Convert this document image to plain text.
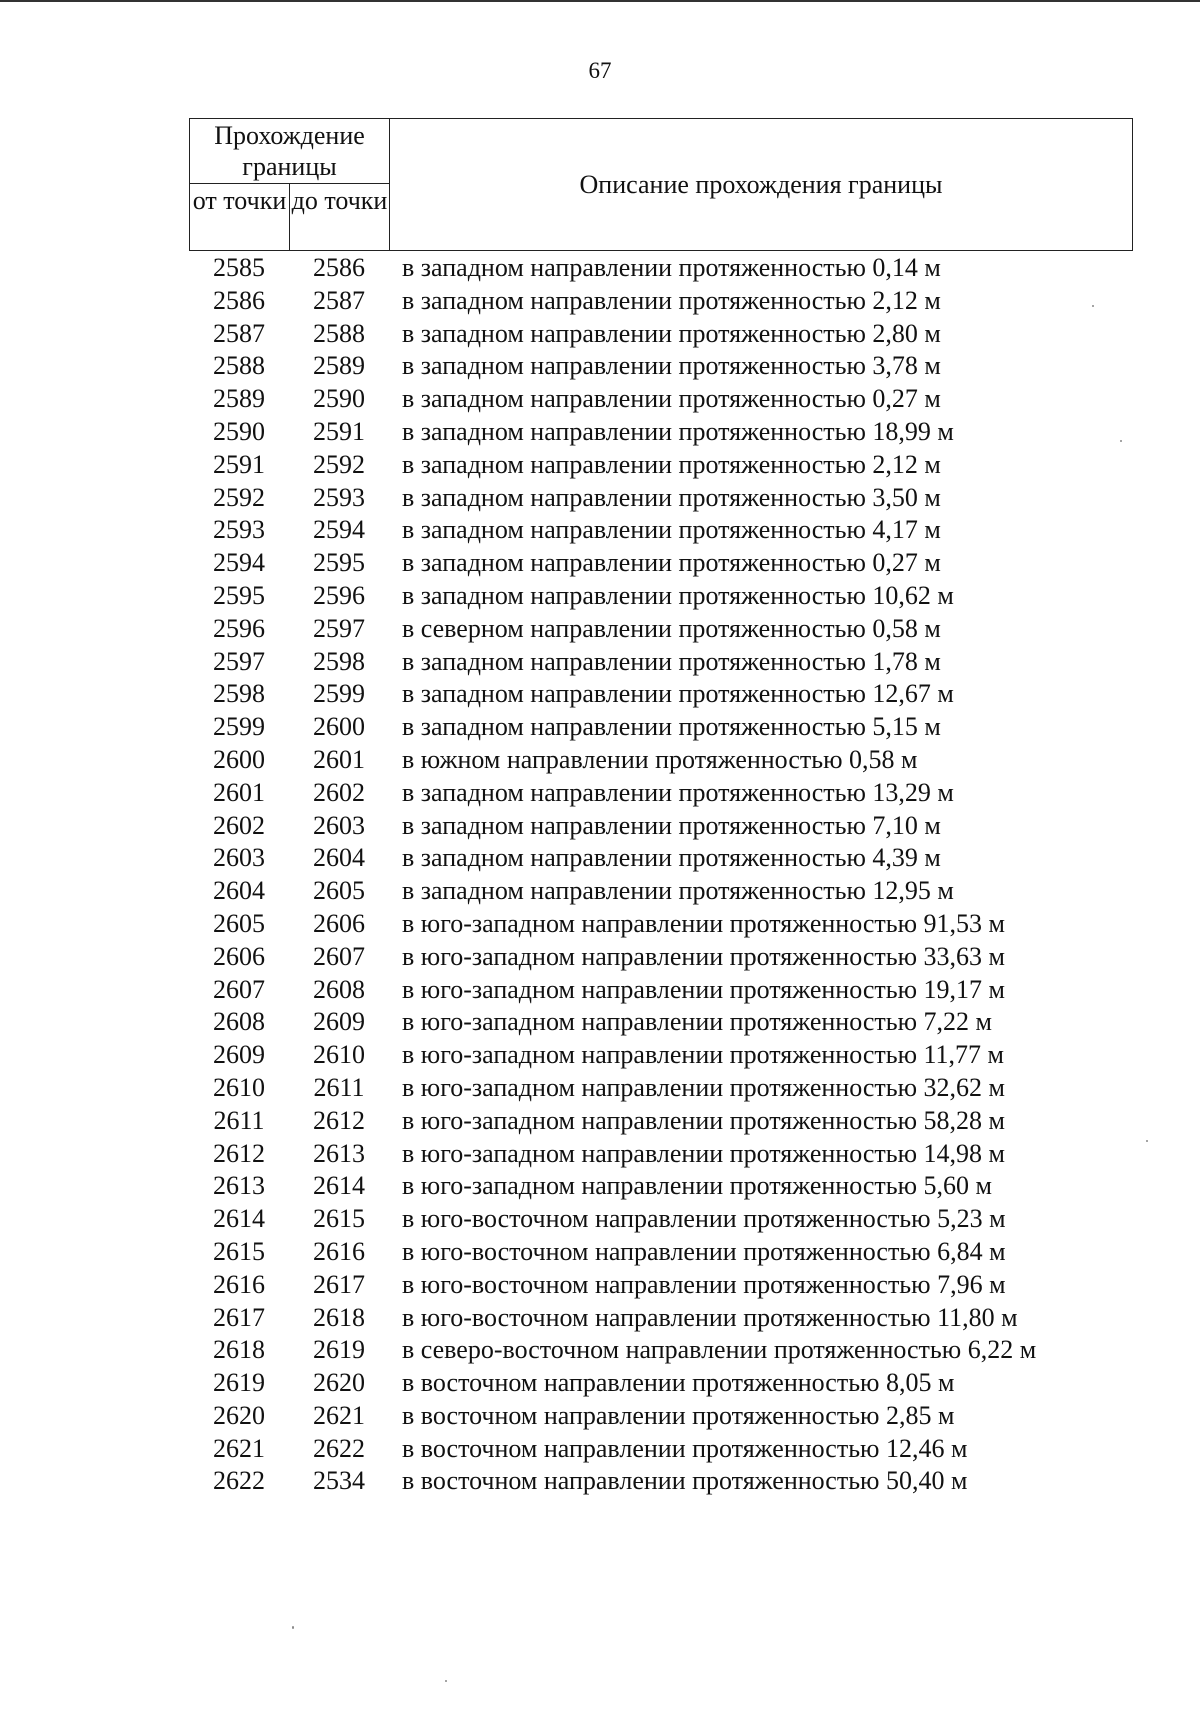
67
Прохождение границы
от точки до точки
Описание прохождения границы
2585	2586	в западном направлении протяженностью 0,14 м
2586	2587	в западном направлении протяженностью 2,12 м
2587	2588	в западном направлении протяженностью 2,80 м
2588	2589	в западном направлении протяженностью 3,78 м
2589	2590	в западном направлении протяженностью 0,27 м
2590	2591	в западном направлении протяженностью 18,99 м
2591	2592	в западном направлении протяженностью 2,12 м
2592	2593	в западном направлении протяженностью 3,50 м
2593	2594	в западном направлении протяженностью 4,17 м
2594	2595	в западном направлении протяженностью 0,27 м
2595	2596	в западном направлении протяженностью 10,62 м
2596	2597	в северном направлении протяженностью 0,58 м
2597	2598	в западном направлении протяженностью 1,78 м
2598	2599	в западном направлении протяженностью 12,67 м
2599	2600	в западном направлении протяженностью 5,15 м
2600	2601	в южном направлении протяженностью 0,58 м
2601	2602	в западном направлении протяженностью 13,29 м
2602	2603	в западном направлении протяженностью 7,10 м
2603	2604	в западном направлении протяженностью 4,39 м
2604	2605	в западном направлении протяженностью 12,95 м
2605	2606	в юго-западном направлении протяженностью 91,53 м
2606	2607	в юго-западном направлении протяженностью 33,63 м
2607	2608	в юго-западном направлении протяженностью 19,17 м
2608	2609	в юго-западном направлении протяженностью 7,22 м
2609	2610	в юго-западном направлении протяженностью 11,77 м
2610	2611	в юго-западном направлении протяженностью 32,62 м
2611	2612	в юго-западном направлении протяженностью 58,28 м
2612	2613	в юго-западном направлении протяженностью 14,98 м
2613	2614	в юго-западном направлении протяженностью 5,60 м
2614	2615	в юго-восточном направлении протяженностью 5,23 м
2615	2616	в юго-восточном направлении протяженностью 6,84 м
2616	2617	в юго-восточном направлении протяженностью 7,96 м
2617	2618	в юго-восточном направлении протяженностью 11,80 м
2618	2619	в северо-восточном направлении протяженностью 6,22 м
2619	2620	в восточном направлении протяженностью 8,05 м
2620	2621	в восточном направлении протяженностью 2,85 м
2621	2622	в восточном направлении протяженностью 12,46 м
2622	2534	в восточном направлении протяженностью 50,40 м
